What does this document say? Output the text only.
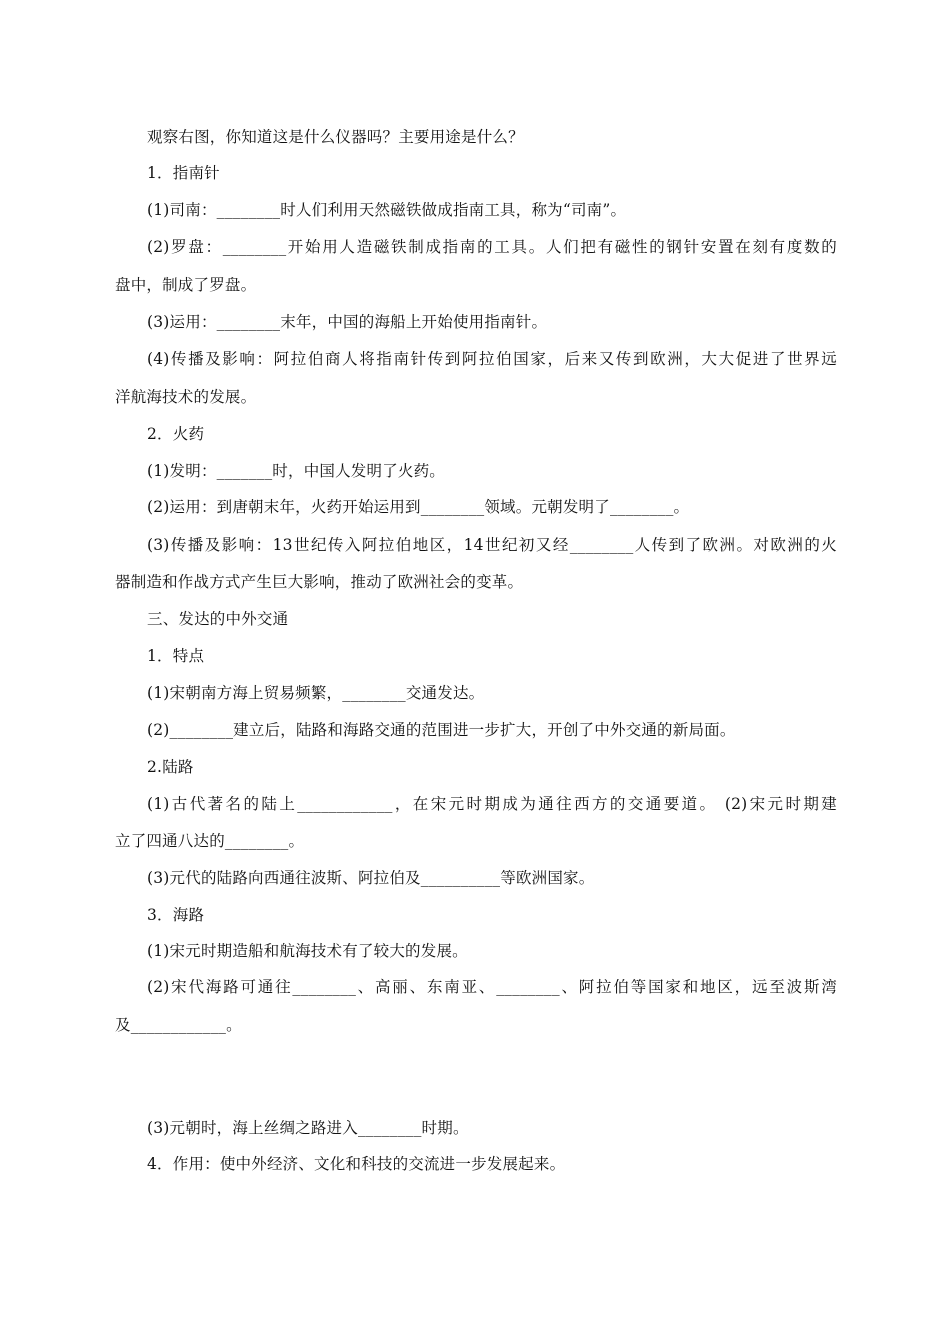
观察右图，你知道这是什么仪器吗？主要用途是什么？
1．指南针
(1)司南：________时人们利用天然磁铁做成指南工具，称为“司南”。
(2)罗盘：________开始用人造磁铁制成指南的工具。人们把有磁性的钢针安置在刻有度数的
盘中，制成了罗盘。
(3)运用：________末年，中国的海船上开始使用指南针。
(4)传播及影响：阿拉伯商人将指南针传到阿拉伯国家，后来又传到欧洲，大大促进了世界远
洋航海技术的发展。
2．火药
(1)发明：_______时，中国人发明了火药。
(2)运用：到唐朝末年，火药开始运用到________领域。元朝发明了________。
(3)传播及影响：13世纪传入阿拉伯地区，14世纪初又经________人传到了欧洲。对欧洲的火
器制造和作战方式产生巨大影响，推动了欧洲社会的变革。
三、发达的中外交通
1．特点
(1)宋朝南方海上贸易频繁，________交通发达。
(2)________建立后，陆路和海路交通的范围进一步扩大，开创了中外交通的新局面。
2.陆路
(1)古代著名的陆上____________，在宋元时期成为通往西方的交通要道。 (2)宋元时期建
立了四通八达的________。
(3)元代的陆路向西通往波斯、阿拉伯及__________等欧洲国家。
3．海路
(1)宋元时期造船和航海技术有了较大的发展。
(2)宋代海路可通往________、高丽、东南亚、________、阿拉伯等国家和地区，远至波斯湾
及____________。
(3)元朝时，海上丝绸之路进入________时期。
4．作用：使中外经济、文化和科技的交流进一步发展起来。
